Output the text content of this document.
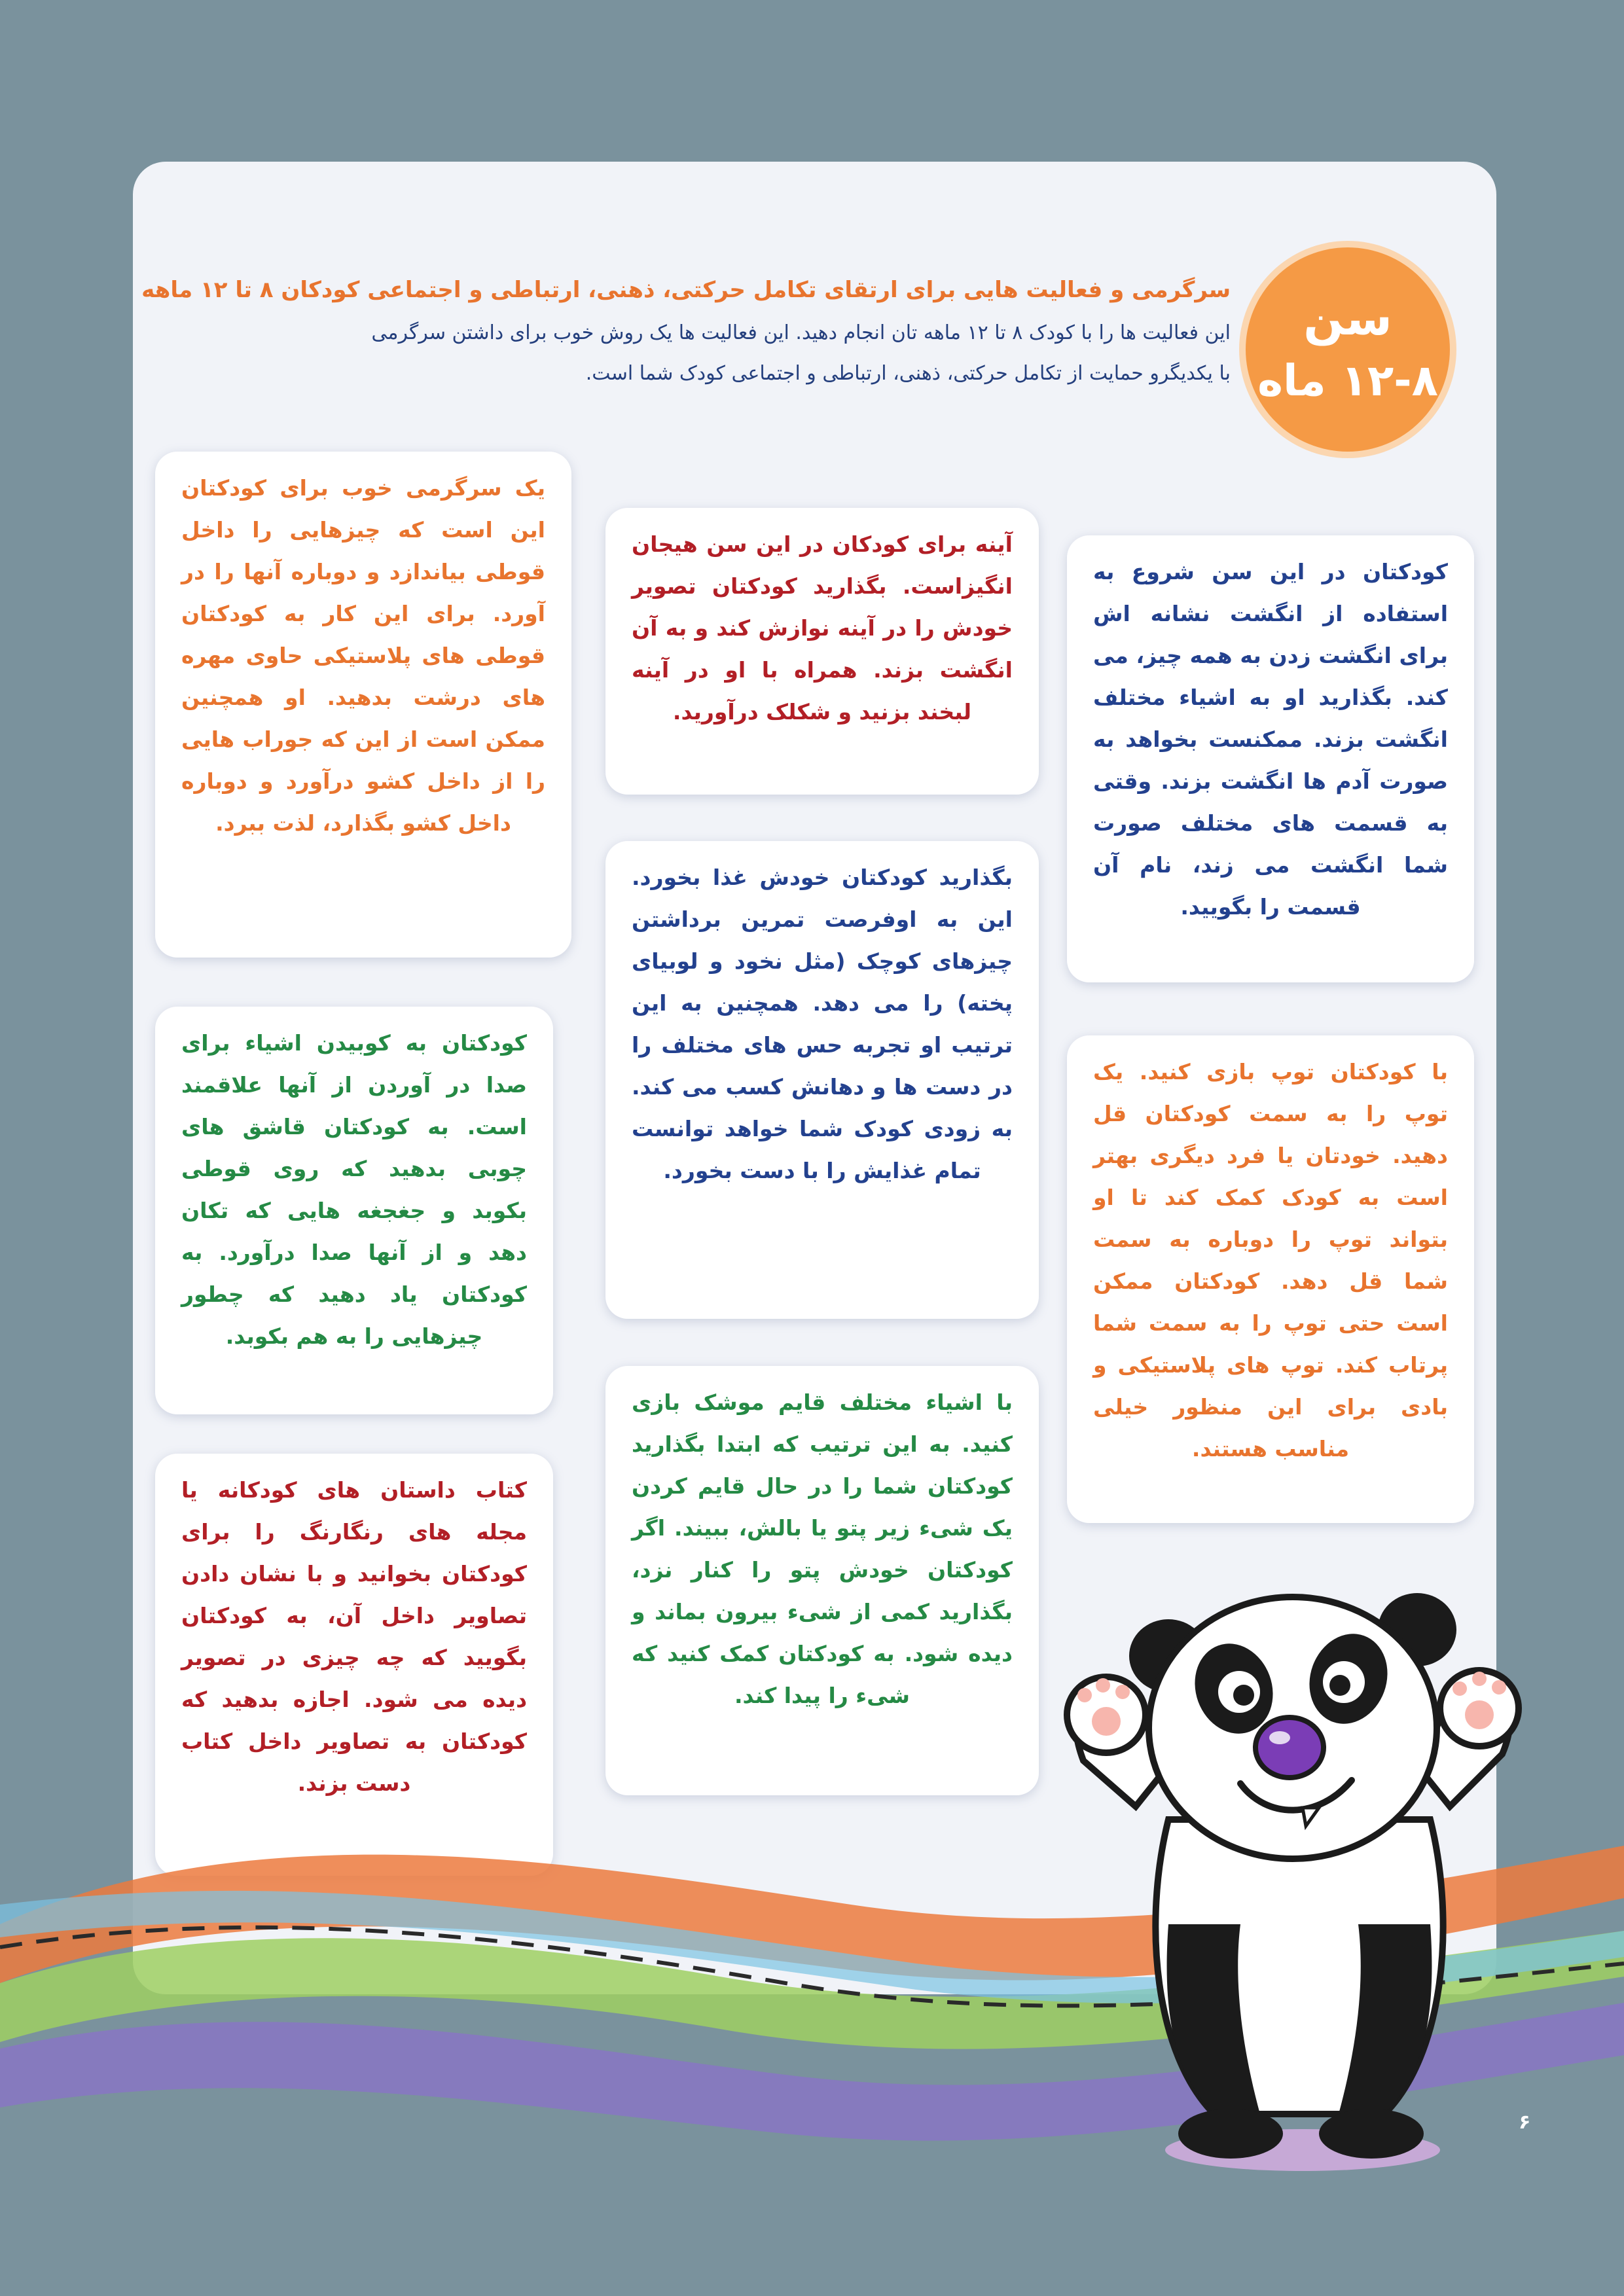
سن
۱۲-۸ ماه
سرگرمی و فعالیت هایی برای ارتقای تکامل حرکتی، ذهنی، ارتباطی و اجتماعی کودکان ۸ تا ۱۲ ماهه
این فعالیت ها را با کودک ۸ تا ۱۲ ماهه تان انجام دهید. این فعالیت ها یک روش خوب برای داشتن سرگرمی
با یکدیگرو حمایت از تکامل حرکتی، ذهنی، ارتباطی و اجتماعی کودک شما است.
کودکتان در این سن شروع به استفاده از انگشت نشانه اش برای انگشت زدن به همه چیز، می کند. بگذارید او به اشیاء مختلف انگشت بزند. ممکنست بخواهد به صورت آدم ها انگشت بزند. وقتی به قسمت های مختلف صورت شما انگشت می زند، نام آن قسمت را بگویید.
با کودکتان توپ بازی کنید. یک توپ را به سمت کودکتان قل دهید. خودتان یا فرد دیگری بهتر است به کودک کمک کند تا او بتواند توپ را دوباره به سمت شما قل دهد. کودکتان ممکن است حتی توپ را به سمت شما پرتاب کند. توپ های پلاستیکی و بادی برای این منظور خیلی مناسب هستند.
آینه برای کودکان در این سن هیجان انگیزاست. بگذارید کودکتان تصویر خودش را در آینه نوازش کند و به آن انگشت بزند. همراه با او در آینه لبخند بزنید و شکلک درآورید.
بگذارید کودکتان خودش غذا بخورد. این به اوفرصت تمرین برداشتن چیزهای کوچک (مثل نخود و لوبیای پخته) را می دهد. همچنین به این ترتیب او تجربه حس های مختلف را در دست ها و دهانش کسب می کند. به زودی کودک شما خواهد توانست تمام غذایش را با دست بخورد.
با اشیاء مختلف قایم موشک بازی کنید. به این ترتیب که ابتدا بگذارید کودکتان شما را در حال قایم کردن یک شیء زیر پتو یا بالش، ببیند. اگر کودکتان خودش پتو را کنار نزد، بگذارید کمی از شیء بیرون بماند و دیده شود. به کودکتان کمک کنید که شیء را پیدا کند.
یک سرگرمی خوب برای کودکتان این است که چیزهایی را داخل قوطی بیاندازد و دوباره آنها را در آورد. برای این کار به کودکتان قوطی های پلاستیکی حاوی مهره های درشت بدهید. او همچنین ممکن است از این که جوراب هایی را از داخل کشو درآورد و دوباره داخل کشو بگذارد، لذت ببرد.
کودکتان به کوبیدن اشیاء برای صدا در آوردن از آنها علاقمند است. به کودکتان قاشق های چوبی بدهید که روی قوطی بکوبد و جغجغه هایی که تکان دهد و از آنها صدا درآورد. به کودکتان یاد دهید که چطور چیزهایی را به هم بکوبد.
کتاب داستان های کودکانه یا مجله های رنگارنگ را برای کودکتان بخوانید و با نشان دادن تصاویر داخل آن، به کودکتان بگویید که چه چیزی در تصویر دیده می شود. اجازه بدهید که کودکتان به تصاویر داخل کتاب دست بزند.
۶
